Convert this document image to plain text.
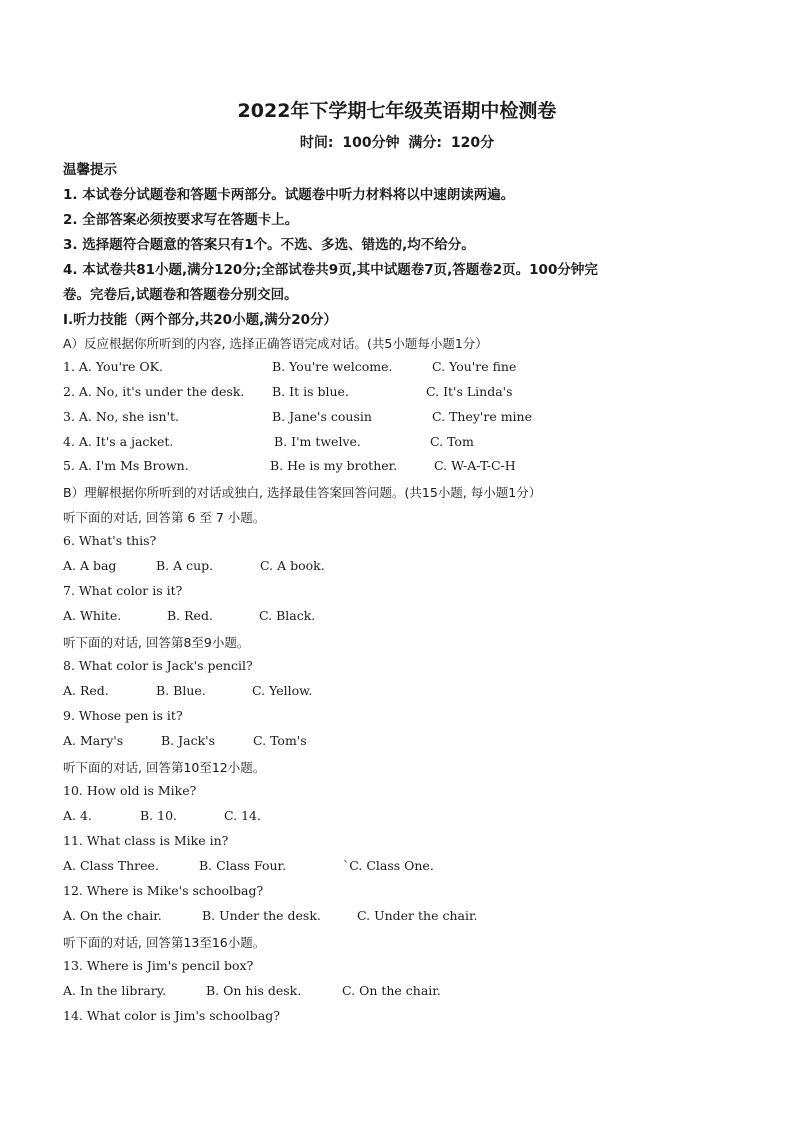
2022年下学期七年级英语期中检测卷
时间: 100分钟 满分: 120分
温馨提示
1. 本试卷分试题卷和答题卡两部分。试题卷中听力材料将以中速朗读两遍。
2. 全部答案必须按要求写在答题卡上。
3. 选择题符合题意的答案只有1个。不选、多选、错选的,均不给分。
4. 本试卷共81小题,满分120分;全部试卷共9页,其中试题卷7页,答题卷2页。100分钟完
卷。完卷后,试题卷和答题卷分别交回。
I.听力技能（两个部分,共20小题,满分20分）
A）反应根据你所听到的内容, 选择正确答语完成对话。(共5小题每小题1分）
1. A. You're OK.	B. You're welcome.	C. You're fine
2. A. No, it's under the desk. B. It is blue.	C. It's Linda's
3. A. No, she isn't.	B. Jane's cousin	C. They're mine
4. A. It's a jacket.	B. I'm twelve.	C. Tom
5. A. I'm Ms Brown.	B. He is my brother.	C. W-A-T-C-H
B）理解根据你所听到的对话或独白, 选择最佳答案回答问题。(共15小题, 每小题1分）
听下面的对话, 回答第 6 至 7 小题。
6. What's this?
A. A bag	B. A cup.	C. A book.
7. What color is it?
A. White.	B. Red.	C. Black.
听下面的对话, 回答第8至9小题。
8. What color is Jack's pencil?
A. Red.	B. Blue.	C. Yellow.
9. Whose pen is it?
A. Mary's	B. Jack's	C. Tom's
听下面的对话, 回答第10至12小题。
10. How old is Mike?
A. 4.	B. 10.	C. 14.
11. What class is Mike in?
A. Class Three.	B. Class Four.	`C. Class One.
12. Where is Mike's schoolbag?
A. On the chair.	B. Under the desk.	C. Under the chair.
听下面的对话, 回答第13至16小题。
13. Where is Jim's pencil box?
A. In the library.	B. On his desk.	C. On the chair.
14. What color is Jim's schoolbag?
